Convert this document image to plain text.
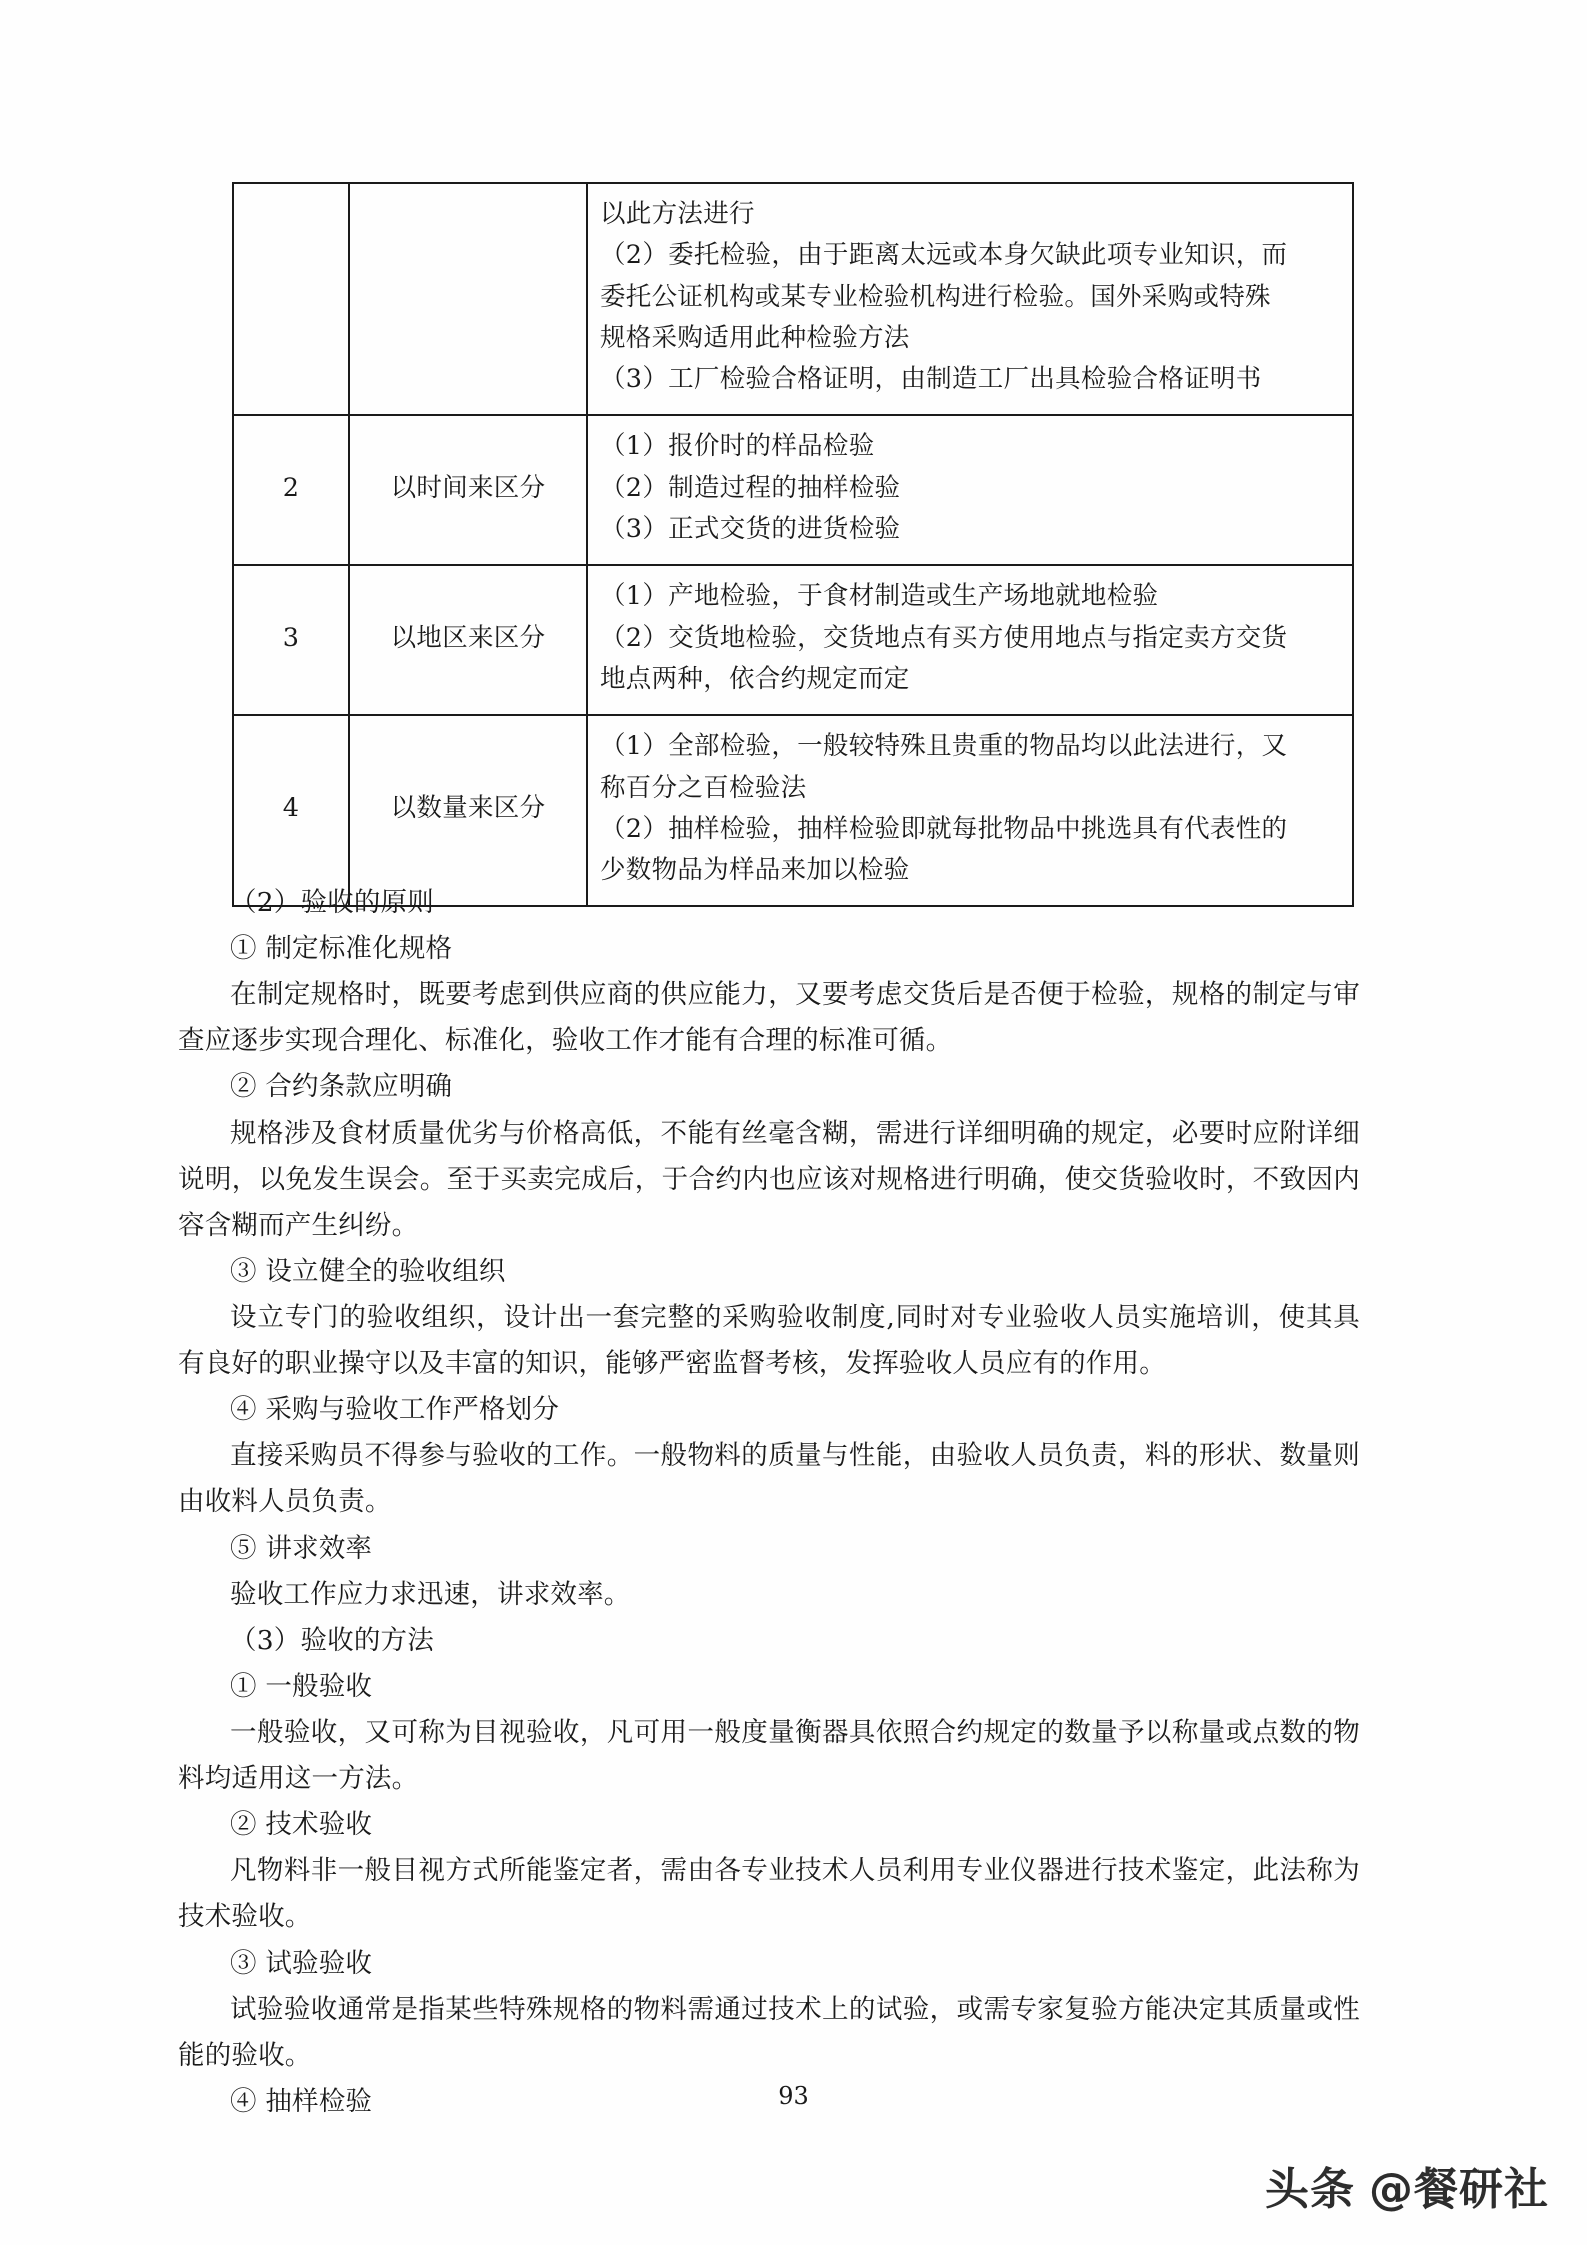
		以此方法进行
（2）委托检验，由于距离太远或本身欠缺此项专业知识，而
委托公证机构或某专业检验机构进行检验。国外采购或特殊
规格采购适用此种检验方法
（3）工厂检验合格证明，由制造工厂出具检验合格证明书

2	以时间来区分	（1）报价时的样品检验
（2）制造过程的抽样检验
（3）正式交货的进货检验

3	以地区来区分	（1）产地检验，于食材制造或生产场地就地检验
（2）交货地检验，交货地点有买方使用地点与指定卖方交货
地点两种，依合约规定而定

4	以数量来区分	（1）全部检验，一般较特殊且贵重的物品均以此法进行，又
称百分之百检验法
（2）抽样检验，抽样检验即就每批物品中挑选具有代表性的
少数物品为样品来加以检验

（2）验收的原则

① 制定标准化规格

在制定规格时，既要考虑到供应商的供应能力，又要考虑交货后是否便于检验，规格的制定与审查应逐步实现合理化、标准化，验收工作才能有合理的标准可循。

② 合约条款应明确

规格涉及食材质量优劣与价格高低，不能有丝毫含糊，需进行详细明确的规定，必要时应附详细说明，以免发生误会。至于买卖完成后，于合约内也应该对规格进行明确，使交货验收时，不致因内容含糊而产生纠纷。

③ 设立健全的验收组织

设立专门的验收组织，设计出一套完整的采购验收制度,同时对专业验收人员实施培训，使其具有良好的职业操守以及丰富的知识，能够严密监督考核，发挥验收人员应有的作用。

④ 采购与验收工作严格划分

直接采购员不得参与验收的工作。一般物料的质量与性能，由验收人员负责，料的形状、数量则由收料人员负责。

⑤ 讲求效率

验收工作应力求迅速，讲求效率。

（3）验收的方法

① 一般验收

一般验收，又可称为目视验收，凡可用一般度量衡器具依照合约规定的数量予以称量或点数的物料均适用这一方法。

② 技术验收

凡物料非一般目视方式所能鉴定者，需由各专业技术人员利用专业仪器进行技术鉴定，此法称为技术验收。

③ 试验验收

试验验收通常是指某些特殊规格的物料需通过技术上的试验，或需专家复验方能决定其质量或性能的验收。

④ 抽样检验	93
头条 @餐研社
